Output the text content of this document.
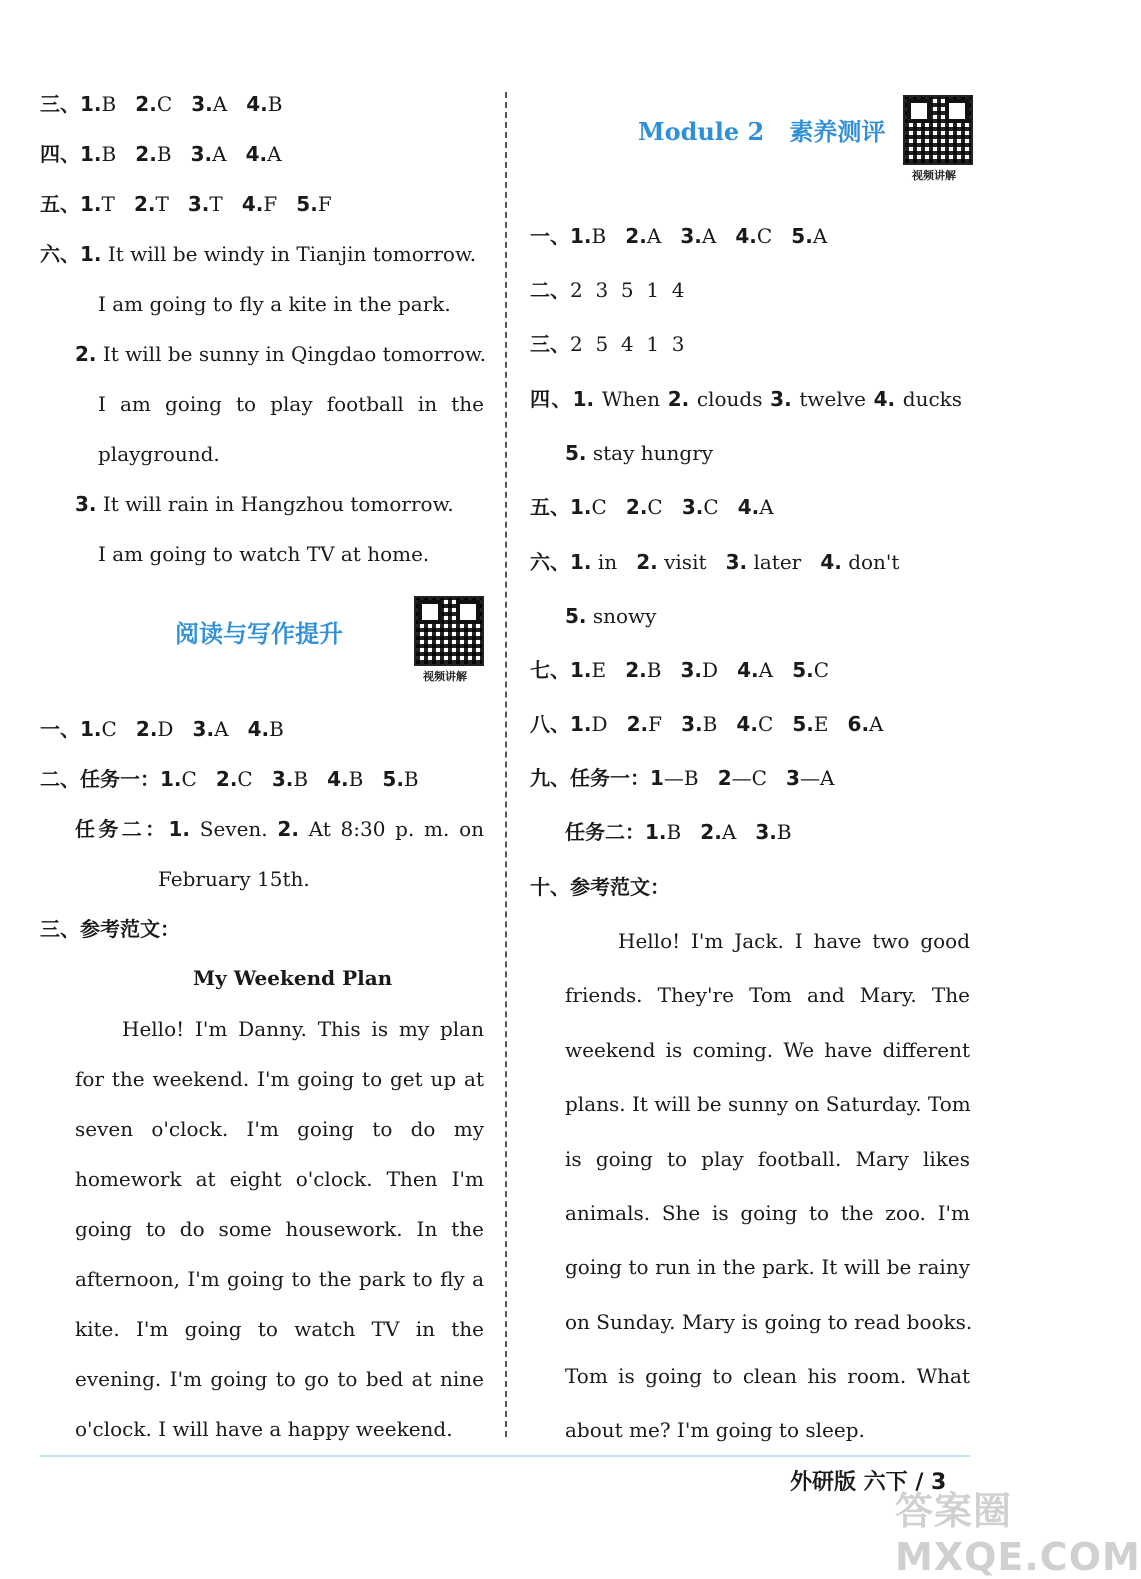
三、1.B 2.C 3.A 4.B
四、1.B 2.B 3.A 4.A
五、1.T 2.T 3.T 4.F 5.F
六、1. It will be windy in Tianjin tomorrow.
I am going to fly a kite in the park.
2. It will be sunny in Qingdao tomorrow.
I am going to play football in the
playground.
3. It will rain in Hangzhou tomorrow.
I am going to watch TV at home.
阅读与写作提升
视频讲解
一、1.C 2.D 3.A 4.B
二、任务一：1.C 2.C 3.B 4.B 5.B
任务二：1. Seven. 2. At 8:30 p. m. on
February 15th.
三、参考范文：
My Weekend Plan
Hello! I'm Danny. This is my plan
for the weekend. I'm going to get up at
seven o'clock. I'm going to do my
homework at eight o'clock. Then I'm
going to do some housework. In the
afternoon, I'm going to the park to fly a
kite. I'm going to watch TV in the
evening. I'm going to go to bed at nine
o'clock. I will have a happy weekend.
Module 2 素养测评
视频讲解
一、1.B 2.A 3.A 4.C 5.A
二、2  3  5  1  4
三、2  5  4  1  3
四、1. When 2. clouds 3. twelve 4. ducks
5. stay hungry
五、1.C 2.C 3.C 4.A
六、1. in 2. visit 3. later 4. don't
5. snowy
七、1.E 2.B 3.D 4.A 5.C
八、1.D 2.F 3.B 4.C 5.E 6.A
九、任务一：1—B 2—C 3—A
任务二：1.B 2.A 3.B
十、参考范文：
Hello! I'm Jack. I have two good
friends. They're Tom and Mary. The
weekend is coming. We have different
plans. It will be sunny on Saturday. Tom
is going to play football. Mary likes
animals. She is going to the zoo. I'm
going to run in the park. It will be rainy
on Sunday. Mary is going to read books.
Tom is going to clean his room. What
about me? I'm going to sleep.
外研版 六下 / 3
答案圈 MXQE.COM
